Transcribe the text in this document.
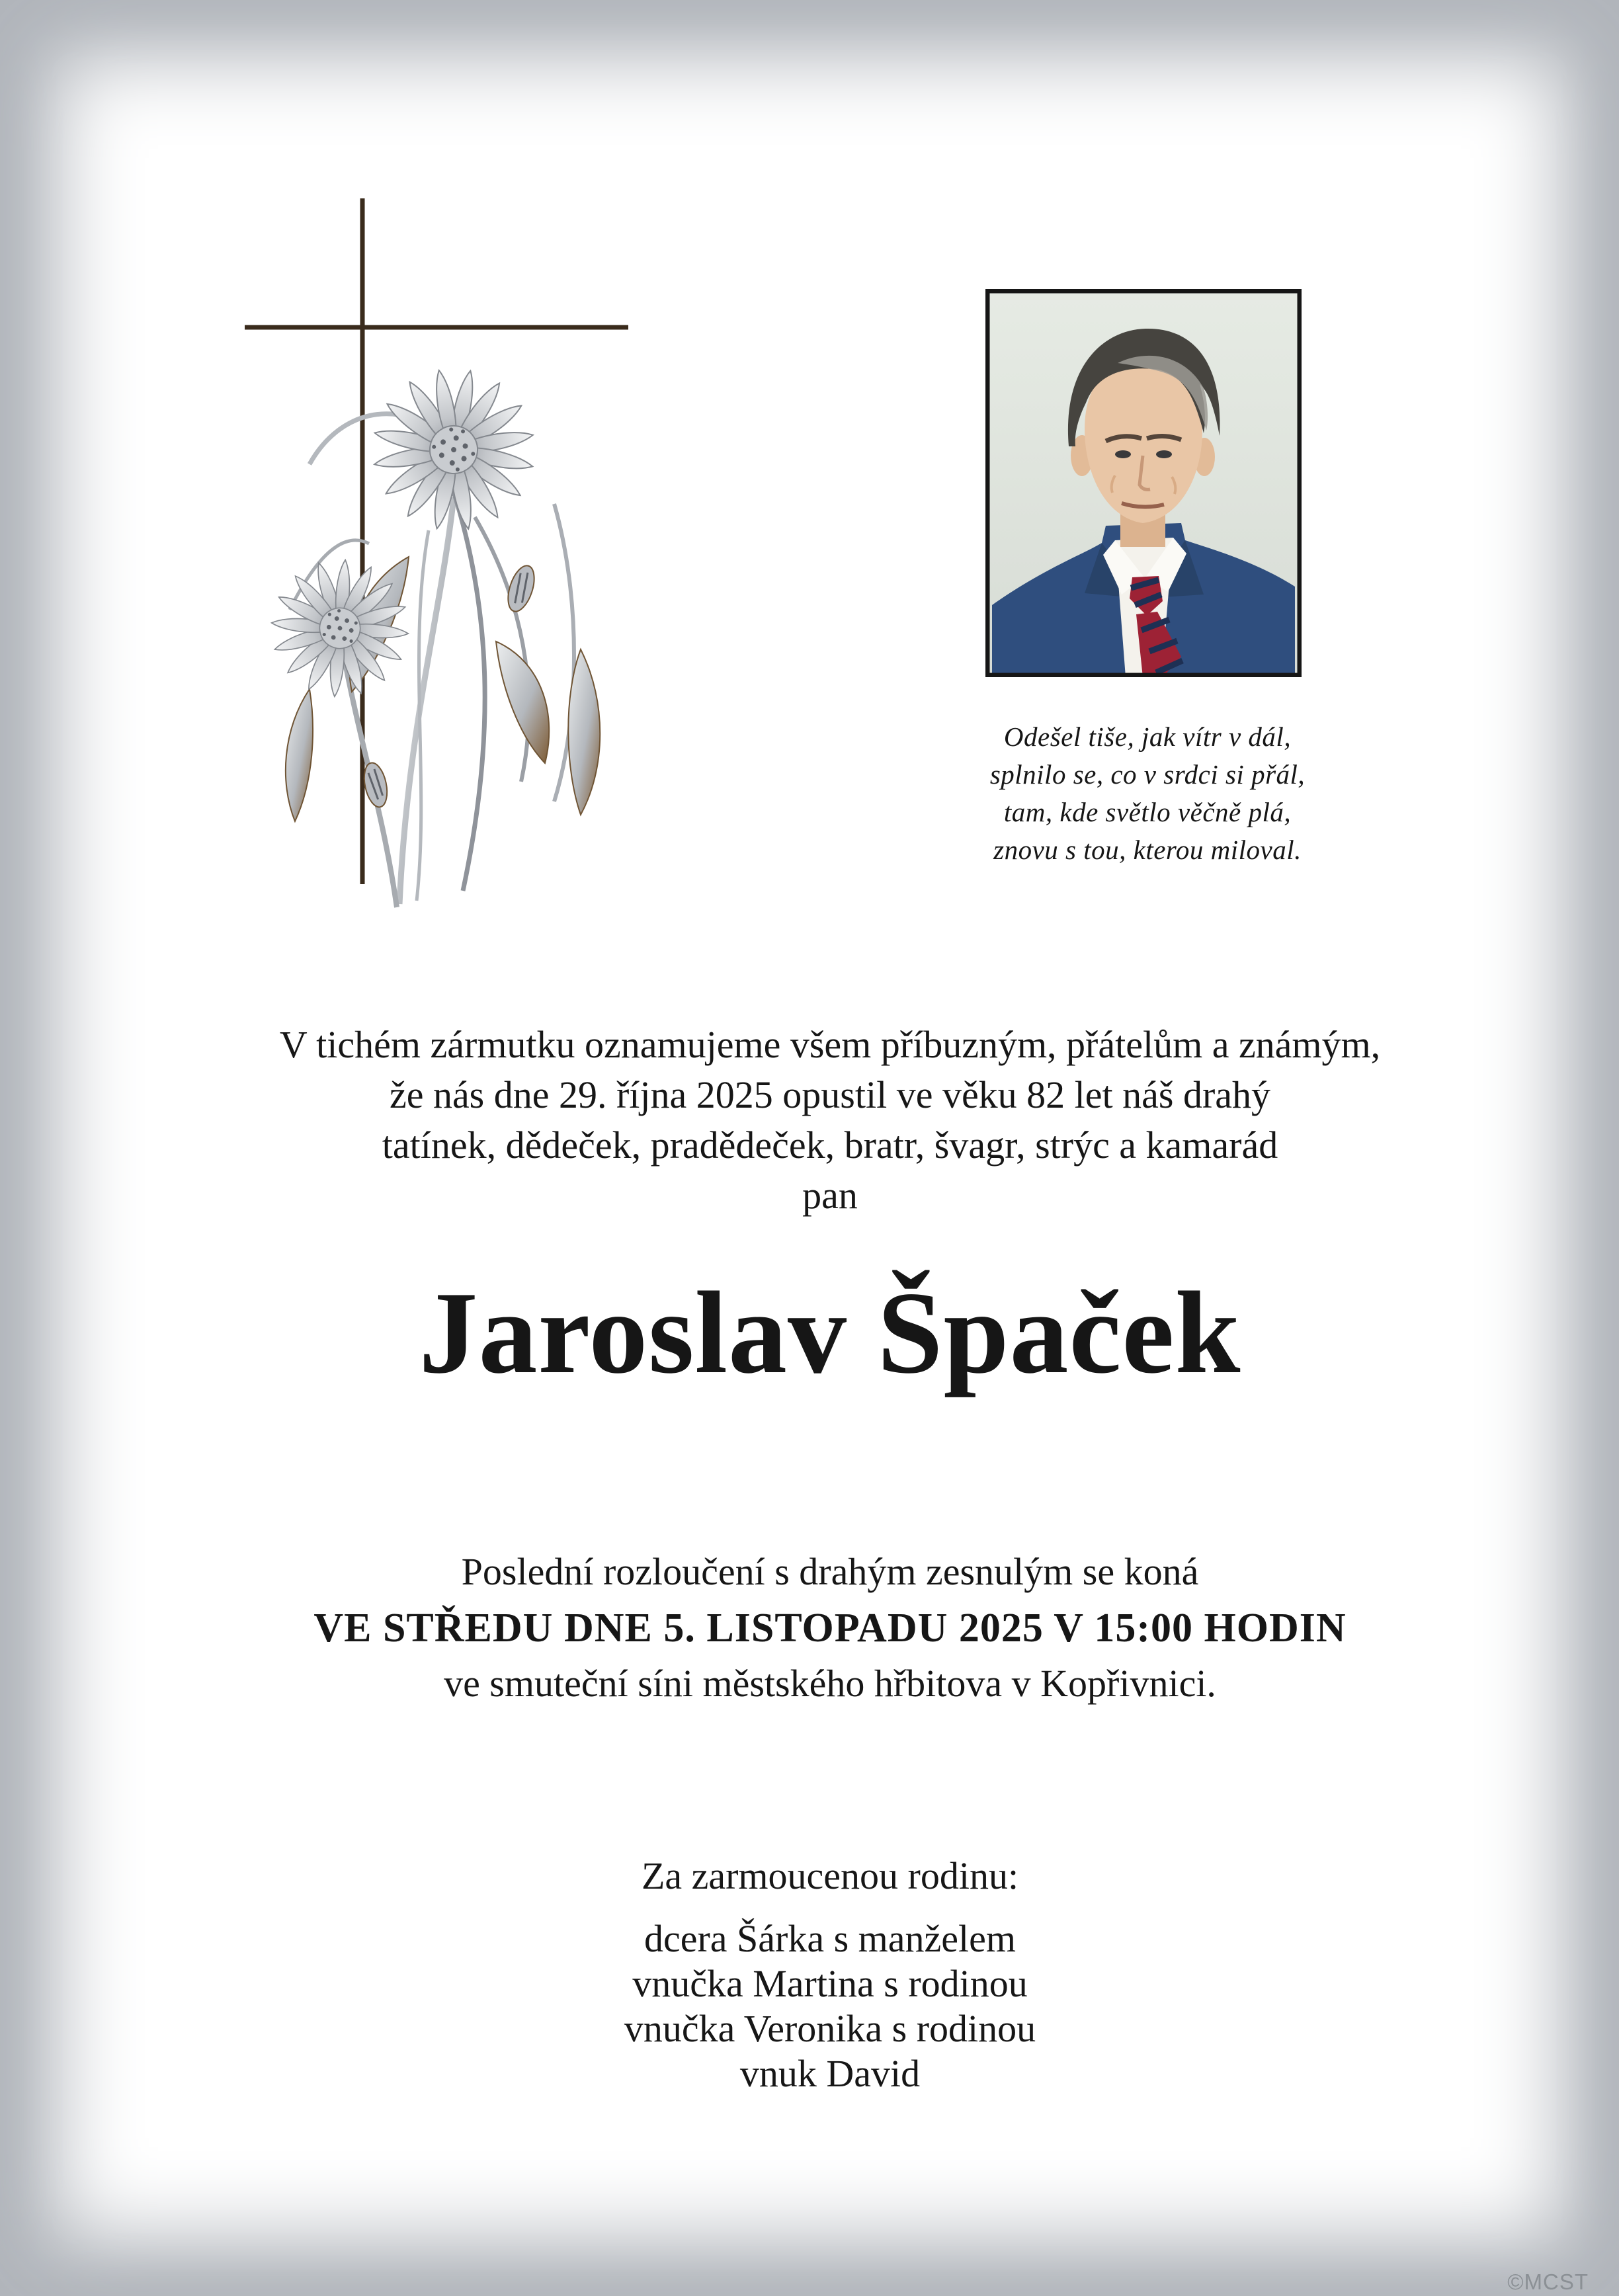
Odešel tiše, jak vítr v dál,
splnilo se, co v srdci si přál,
tam, kde světlo věčně plá,
znovu s tou, kterou miloval.
V tichém zármutku oznamujeme všem příbuzným, přátelům a známým,
že nás dne 29. října 2025 opustil ve věku 82 let náš drahý
tatínek, dědeček, pradědeček, bratr, švagr, strýc a kamarád
pan
Jaroslav Špaček
Poslední rozloučení s drahým zesnulým se koná
VE STŘEDU DNE 5. LISTOPADU 2025 V 15:00 HODIN
ve smuteční síni městského hřbitova v Kopřivnici.
Za zarmoucenou rodinu:
dcera Šárka s manželem
vnučka Martina s rodinou
vnučka Veronika s rodinou
vnuk David
©MCST
